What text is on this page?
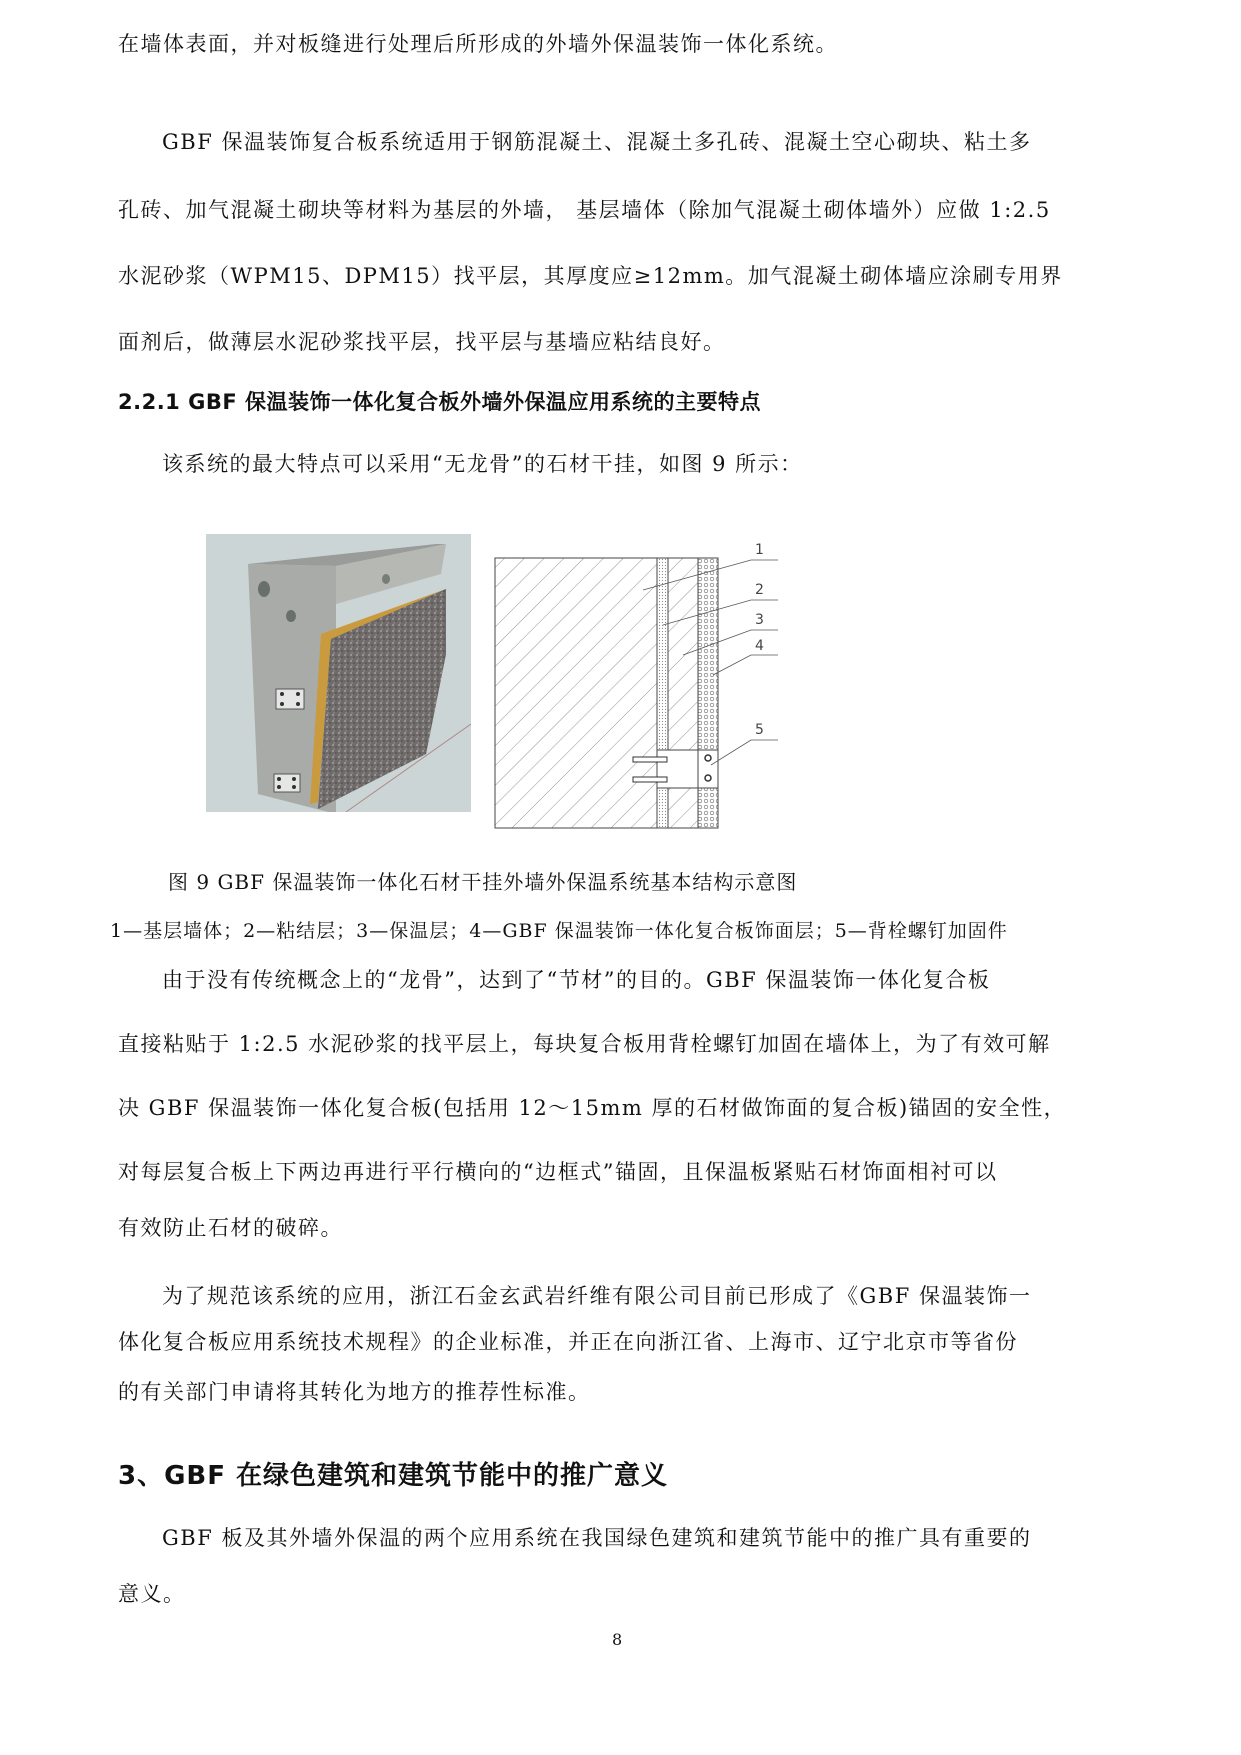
在墙体表面，并对板缝进行处理后所形成的外墙外保温装饰一体化系统。
GBF 保温装饰复合板系统适用于钢筋混凝土、混凝土多孔砖、混凝土空心砌块、粘土多
孔砖、加气混凝土砌块等材料为基层的外墙， 基层墙体（除加气混凝土砌体墙外）应做 1:2.5
水泥砂浆（WPM15、DPM15）找平层，其厚度应≥12mm。加气混凝土砌体墙应涂刷专用界
面剂后，做薄层水泥砂浆找平层，找平层与基墙应粘结良好。
2.2.1 GBF 保温装饰一体化复合板外墙外保温应用系统的主要特点
该系统的最大特点可以采用“无龙骨”的石材干挂，如图 9 所示：
1
2
3
4
5
图 9 GBF 保温装饰一体化石材干挂外墙外保温系统基本结构示意图
1—基层墙体；2—粘结层；3—保温层；4—GBF 保温装饰一体化复合板饰面层；5—背栓螺钉加固件
由于没有传统概念上的“龙骨”，达到了“节材”的目的。GBF 保温装饰一体化复合板
直接粘贴于 1:2.5 水泥砂浆的找平层上，每块复合板用背栓螺钉加固在墙体上，为了有效可解
决 GBF 保温装饰一体化复合板(包括用 12～15mm 厚的石材做饰面的复合板)锚固的安全性，
对每层复合板上下两边再进行平行横向的“边框式”锚固，且保温板紧贴石材饰面相衬可以
有效防止石材的破碎。
为了规范该系统的应用，浙江石金玄武岩纤维有限公司目前已形成了《GBF 保温装饰一
体化复合板应用系统技术规程》的企业标准，并正在向浙江省、上海市、辽宁北京市等省份
的有关部门申请将其转化为地方的推荐性标准。
3、GBF 在绿色建筑和建筑节能中的推广意义
GBF 板及其外墙外保温的两个应用系统在我国绿色建筑和建筑节能中的推广具有重要的
意义。
8
